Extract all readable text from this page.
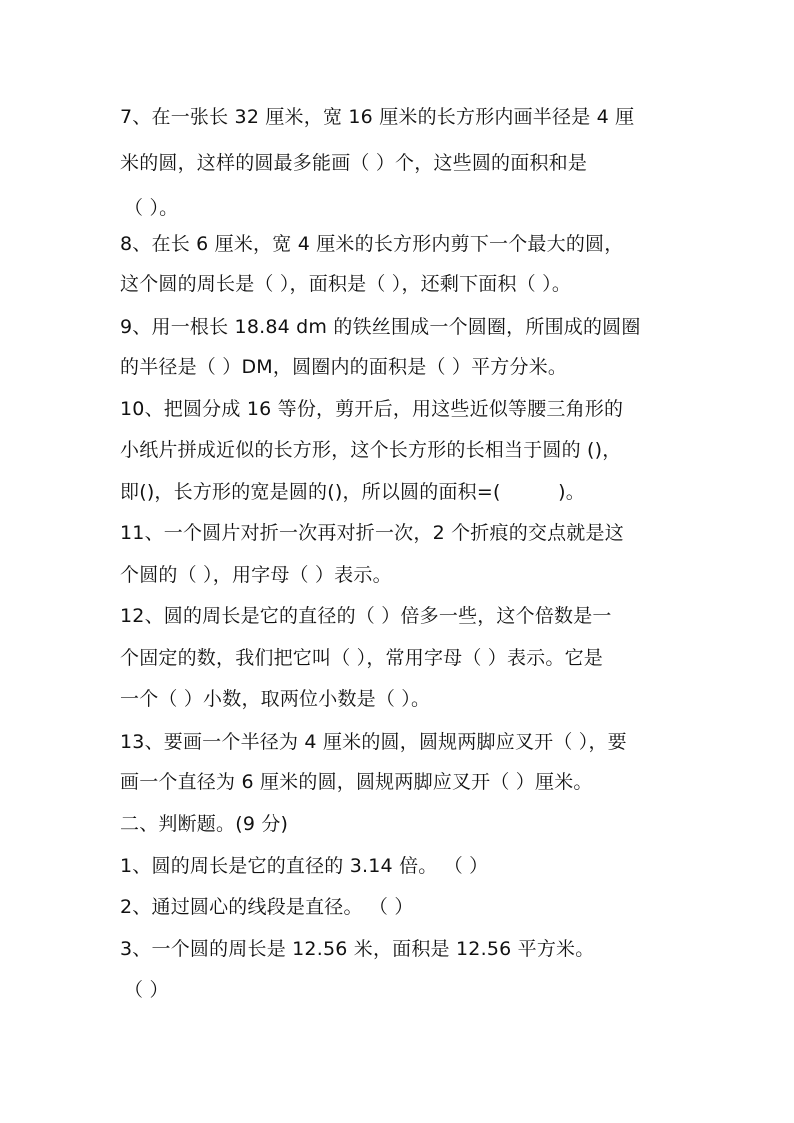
7、在一张长 32 厘米，宽 16 厘米的长方形内画半径是 4 厘
米的圆，这样的圆最多能画（ ）个，这些圆的面积和是
（ ）。
8、在长 6 厘米，宽 4 厘米的长方形内剪下一个最大的圆，
这个圆的周长是（ ），面积是（ ），还剩下面积（ ）。
9、用一根长 18.84 dm 的铁丝围成一个圆圈，所围成的圆圈
的半径是（ ）DM，圆圈内的面积是（ ）平方分米。
10、把圆分成 16 等份，剪开后，用这些近似等腰三角形的
小纸片拼成近似的长方形，这个长方形的长相当于圆的 ()，
即()，长方形的宽是圆的()，所以圆的面积=(　　　)。
11、一个圆片对折一次再对折一次，2 个折痕的交点就是这
个圆的（ ），用字母（ ）表示。
12、圆的周长是它的直径的（ ）倍多一些，这个倍数是一
个固定的数，我们把它叫（ ），常用字母（ ）表示。它是
一个（ ）小数，取两位小数是（ ）。
13、要画一个半径为 4 厘米的圆，圆规两脚应叉开（ ），要
画一个直径为 6 厘米的圆，圆规两脚应叉开（ ）厘米。
二、判断题。(9 分)
1、圆的周长是它的直径的 3.14 倍。 （ ）
2、通过圆心的线段是直径。 （ ）
3、一个圆的周长是 12.56 米，面积是 12.56 平方米。
（ ）
